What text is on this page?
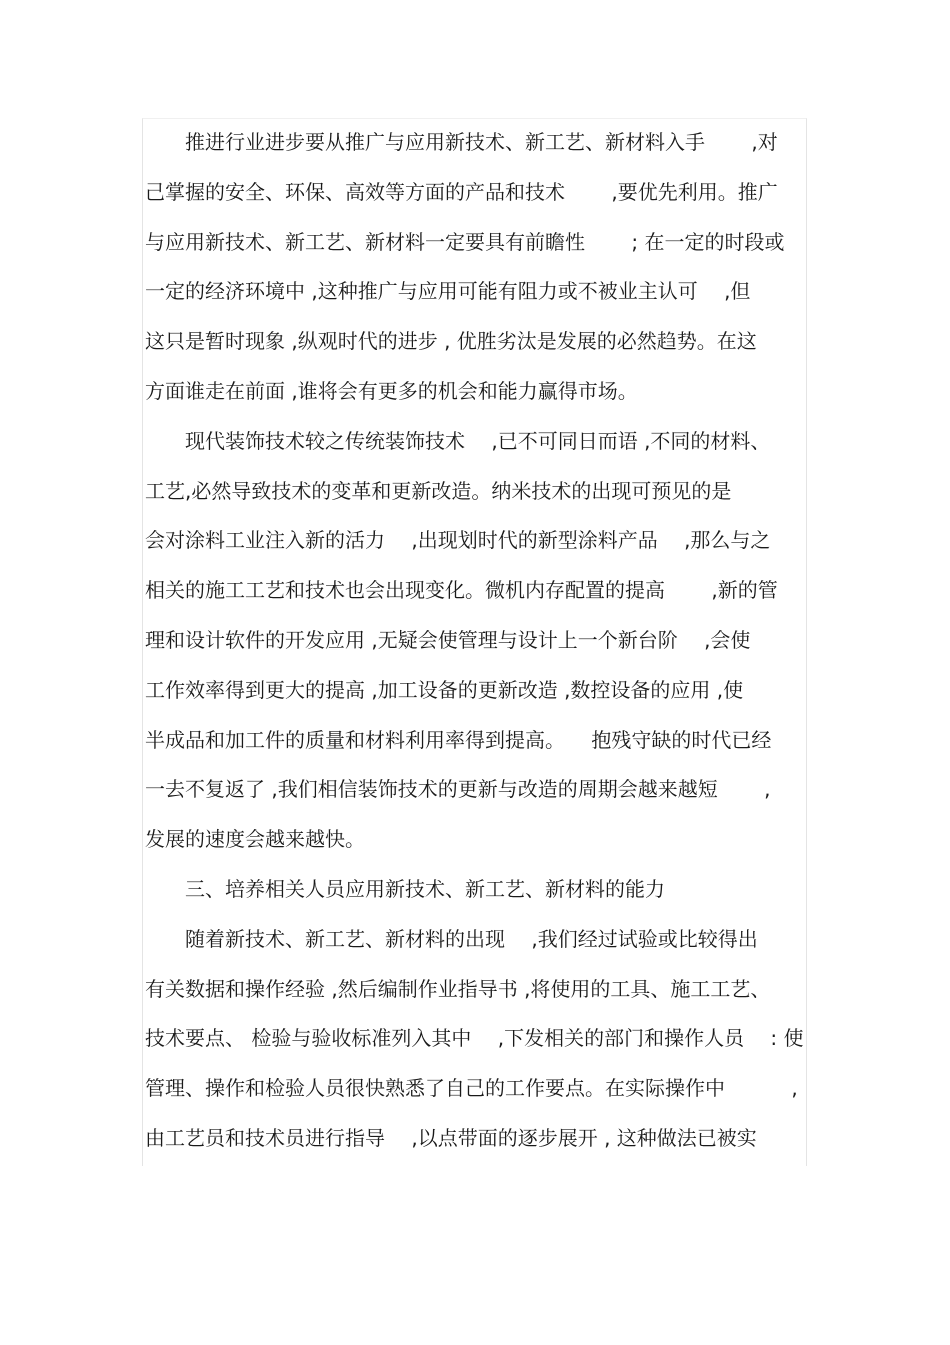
　　推进行业进步要从推广与应用新技术、新工艺、新材料入手 　　,对
己掌握的安全、环保、高效等方面的产品和技术 　　,要优先利用。推广
与应用新技术、新工艺、新材料一定要具有前瞻性 　　; 在一定的时段或
一定的经济环境中 ,这种推广与应用可能有阻力或不被业主认可 　,但
这只是暂时现象 ,纵观时代的进步 , 优胜劣汰是发展的必然趋势。在这
方面谁走在前面 ,谁将会有更多的机会和能力赢得市场。
　　现代装饰技术较之传统装饰技术 　,已不可同日而语 ,不同的材料、
工艺,必然导致技术的变革和更新改造。纳米技术的出现可预见的是
会对涂料工业注入新的活力 　,出现划时代的新型涂料产品 　,那么与之
相关的施工工艺和技术也会出现变化。微机内存配置的提高 　　,新的管
理和设计软件的开发应用 ,无疑会使管理与设计上一个新台阶 　,会使
工作效率得到更大的提高 ,加工设备的更新改造 ,数控设备的应用 ,使
半成品和加工件的质量和材料利用率得到提高。 　抱残守缺的时代已经
一去不复返了 ,我们相信装饰技术的更新与改造的周期会越来越短 　　,
发展的速度会越来越快。
　　三、培养相关人员应用新技术、新工艺、新材料的能力
　　随着新技术、新工艺、新材料的出现 　,我们经过试验或比较得出
有关数据和操作经验 ,然后编制作业指导书 ,将使用的工具、施工工艺、
技术要点、 检验与验收标准列入其中 　,下发相关的部门和操作人员 　: 使
管理、操作和检验人员很快熟悉了自己的工作要点。在实际操作中 　　　,
由工艺员和技术员进行指导 　,以点带面的逐步展开 , 这种做法已被实
